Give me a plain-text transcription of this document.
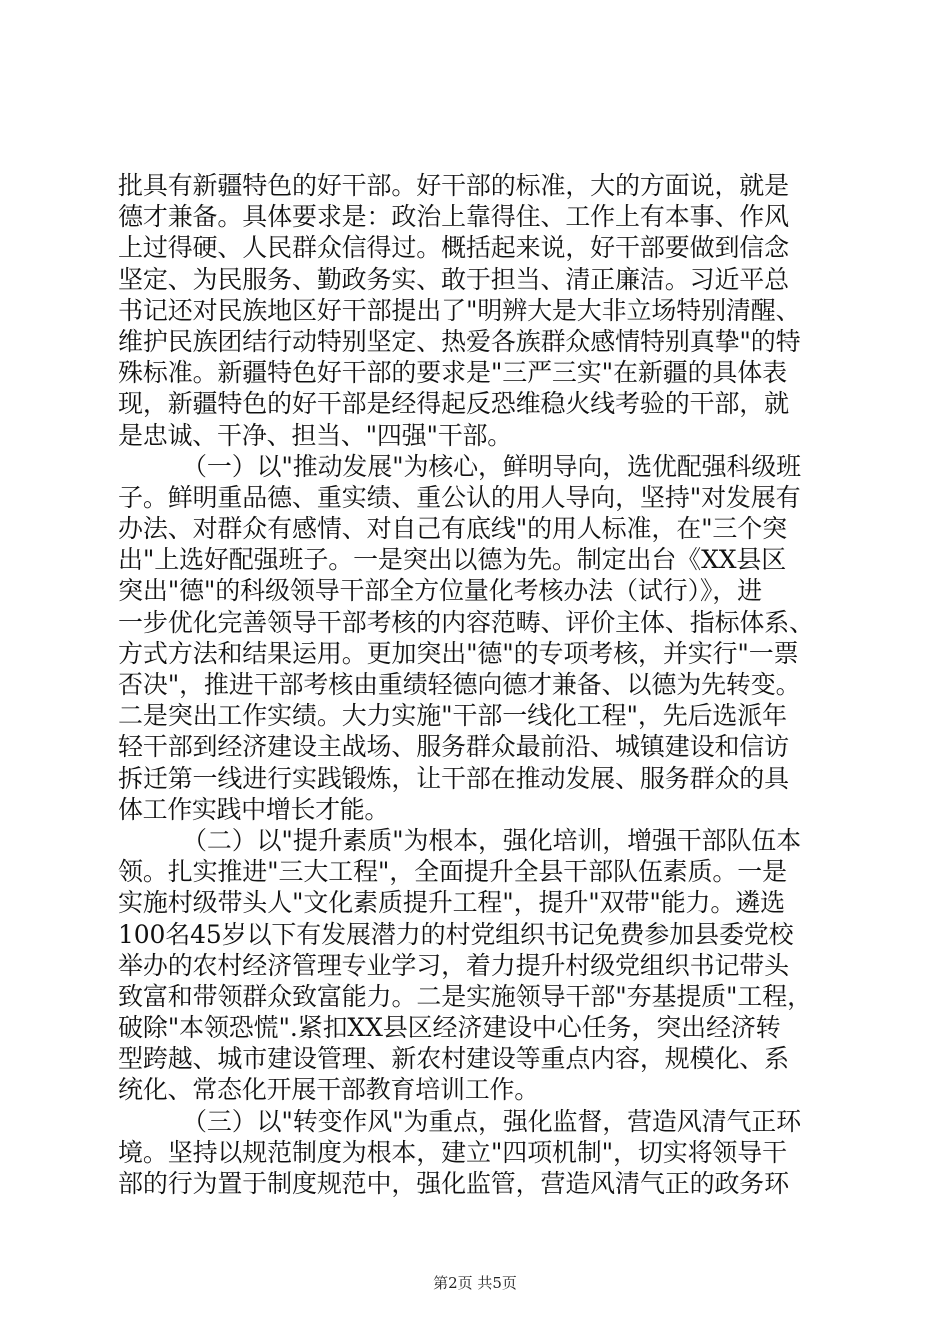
批具有新疆特色的好干部。好干部的标准，大的方面说，就是
德才兼备。具体要求是：政治上靠得住、工作上有本事、作风
上过得硬、人民群众信得过。概括起来说，好干部要做到信念
坚定、为民服务、勤政务实、敢于担当、清正廉洁。习近平总
书记还对民族地区好干部提出了"明辨大是大非立场特别清醒、
维护民族团结行动特别坚定、热爱各族群众感情特别真挚"的特
殊标准。新疆特色好干部的要求是"三严三实"在新疆的具体表
现，新疆特色的好干部是经得起反恐维稳火线考验的干部，就
是忠诚、干净、担当、"四强"干部。
（一）以"推动发展"为核心，鲜明导向，选优配强科级班
子。鲜明重品德、重实绩、重公认的用人导向，坚持"对发展有
办法、对群众有感情、对自己有底线"的用人标准，在"三个突
出"上选好配强班子。一是突出以德为先。制定出台《XX县区
突出"德"的科级领导干部全方位量化考核办法（试行）》，进
一步优化完善领导干部考核的内容范畴、评价主体、指标体系、
方式方法和结果运用。更加突出"德"的专项考核，并实行"一票
否决"，推进干部考核由重绩轻德向德才兼备、以德为先转变。
二是突出工作实绩。大力实施"干部一线化工程"，先后选派年
轻干部到经济建设主战场、服务群众最前沿、城镇建设和信访
拆迁第一线进行实践锻炼，让干部在推动发展、服务群众的具
体工作实践中增长才能。
（二）以"提升素质"为根本，强化培训，增强干部队伍本
领。扎实推进"三大工程"，全面提升全县干部队伍素质。一是
实施村级带头人"文化素质提升工程"，提升"双带"能力。遴选
100名45岁以下有发展潜力的村党组织书记免费参加县委党校
举办的农村经济管理专业学习，着力提升村级党组织书记带头
致富和带领群众致富能力。二是实施领导干部"夯基提质"工程，
破除"本领恐慌".紧扣XX县区经济建设中心任务，突出经济转
型跨越、城市建设管理、新农村建设等重点内容，规模化、系
统化、常态化开展干部教育培训工作。
（三）以"转变作风"为重点，强化监督，营造风清气正环
境。坚持以规范制度为根本，建立"四项机制"，切实将领导干
部的行为置于制度规范中，强化监管，营造风清气正的政务环
第2页 共5页
